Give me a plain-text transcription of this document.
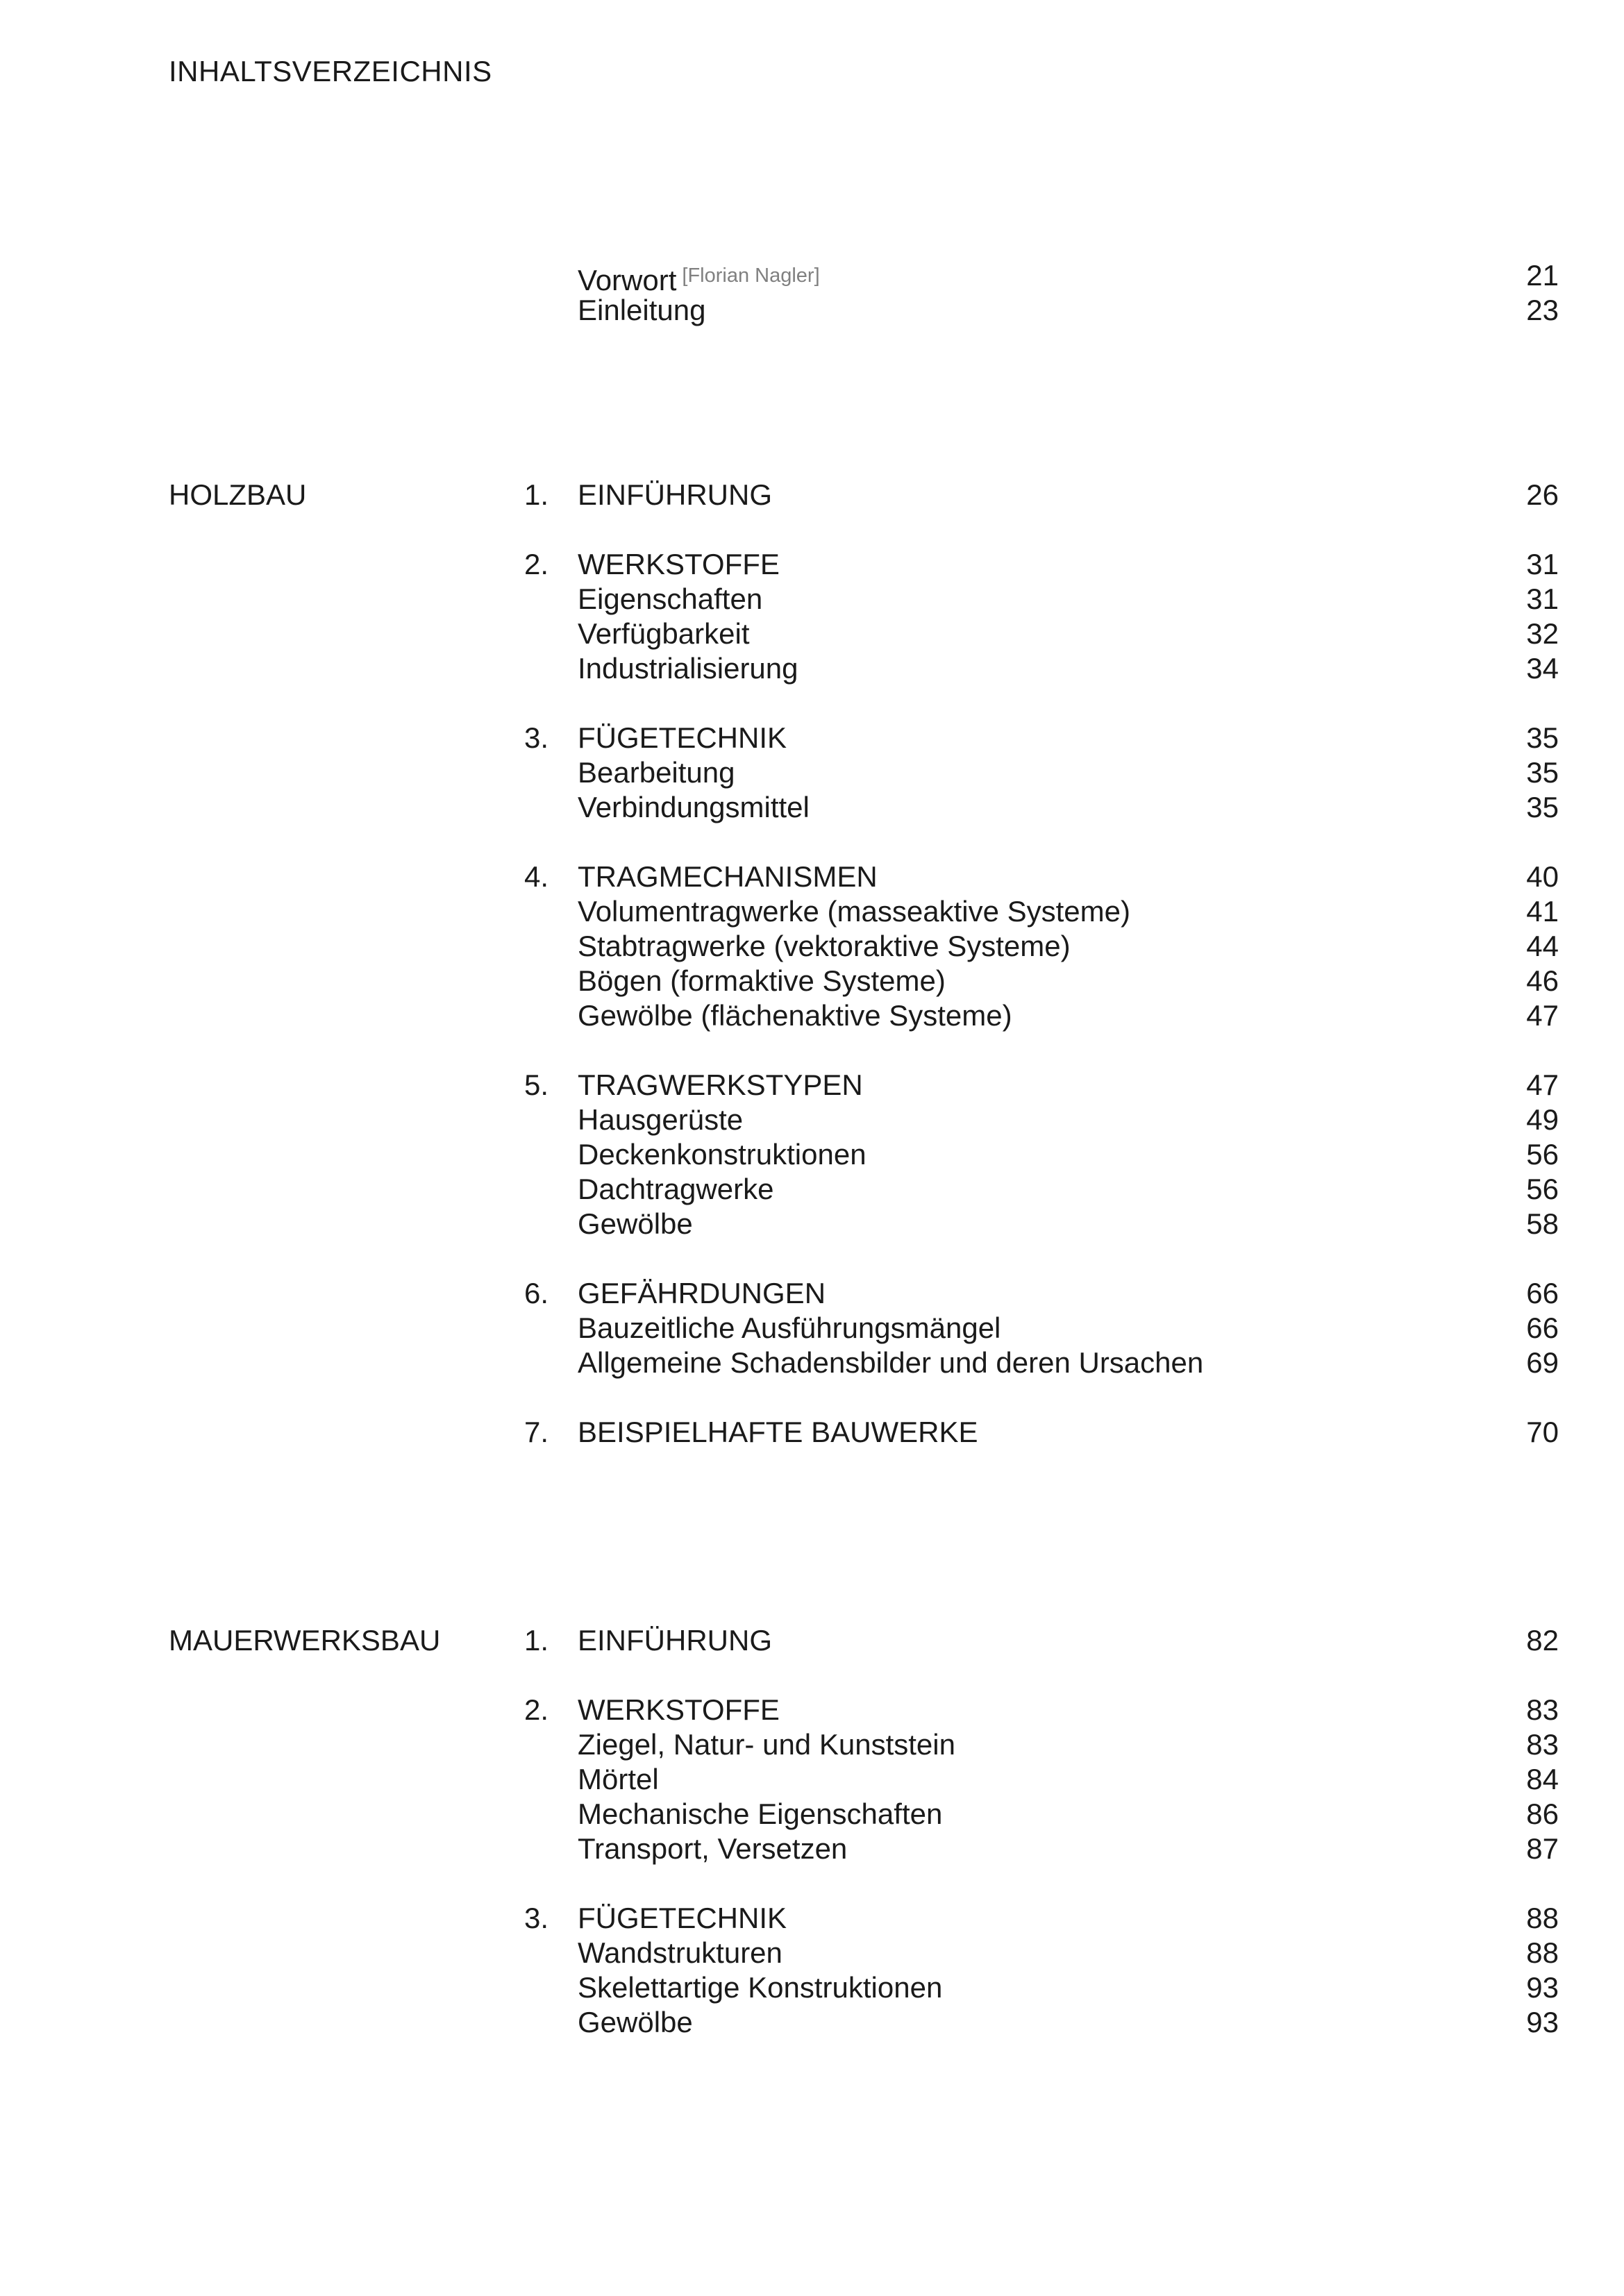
INHALTSVERZEICHNIS
Vorwort [Florian Nagler]	21
Einleitung	23
HOLZBAU	1. EINFÜHRUNG	26
2. WERKSTOFFE	31
Eigenschaften	31
Verfügbarkeit	32
Industrialisierung	34
3. FÜGETECHNIK	35
Bearbeitung	35
Verbindungsmittel	35
4. TRAGMECHANISMEN	40
Volumentragwerke (masseaktive Systeme)	41
Stabtragwerke (vektoraktive Systeme)	44
Bögen (formaktive Systeme)	46
Gewölbe (flächenaktive Systeme)	47
5. TRAGWERKSTYPEN	47
Hausgerüste	49
Deckenkonstruktionen	56
Dachtragwerke	56
Gewölbe	58
6. GEFÄHRDUNGEN	66
Bauzeitliche Ausführungsmängel	66
Allgemeine Schadensbilder und deren Ursachen	69
7. BEISPIELHAFTE BAUWERKE	70
MAUERWERKSBAU	1. EINFÜHRUNG	82
2. WERKSTOFFE	83
Ziegel, Natur- und Kunststein	83
Mörtel	84
Mechanische Eigenschaften	86
Transport, Versetzen	87
3. FÜGETECHNIK	88
Wandstrukturen	88
Skelettartige Konstruktionen	93
Gewölbe	93
